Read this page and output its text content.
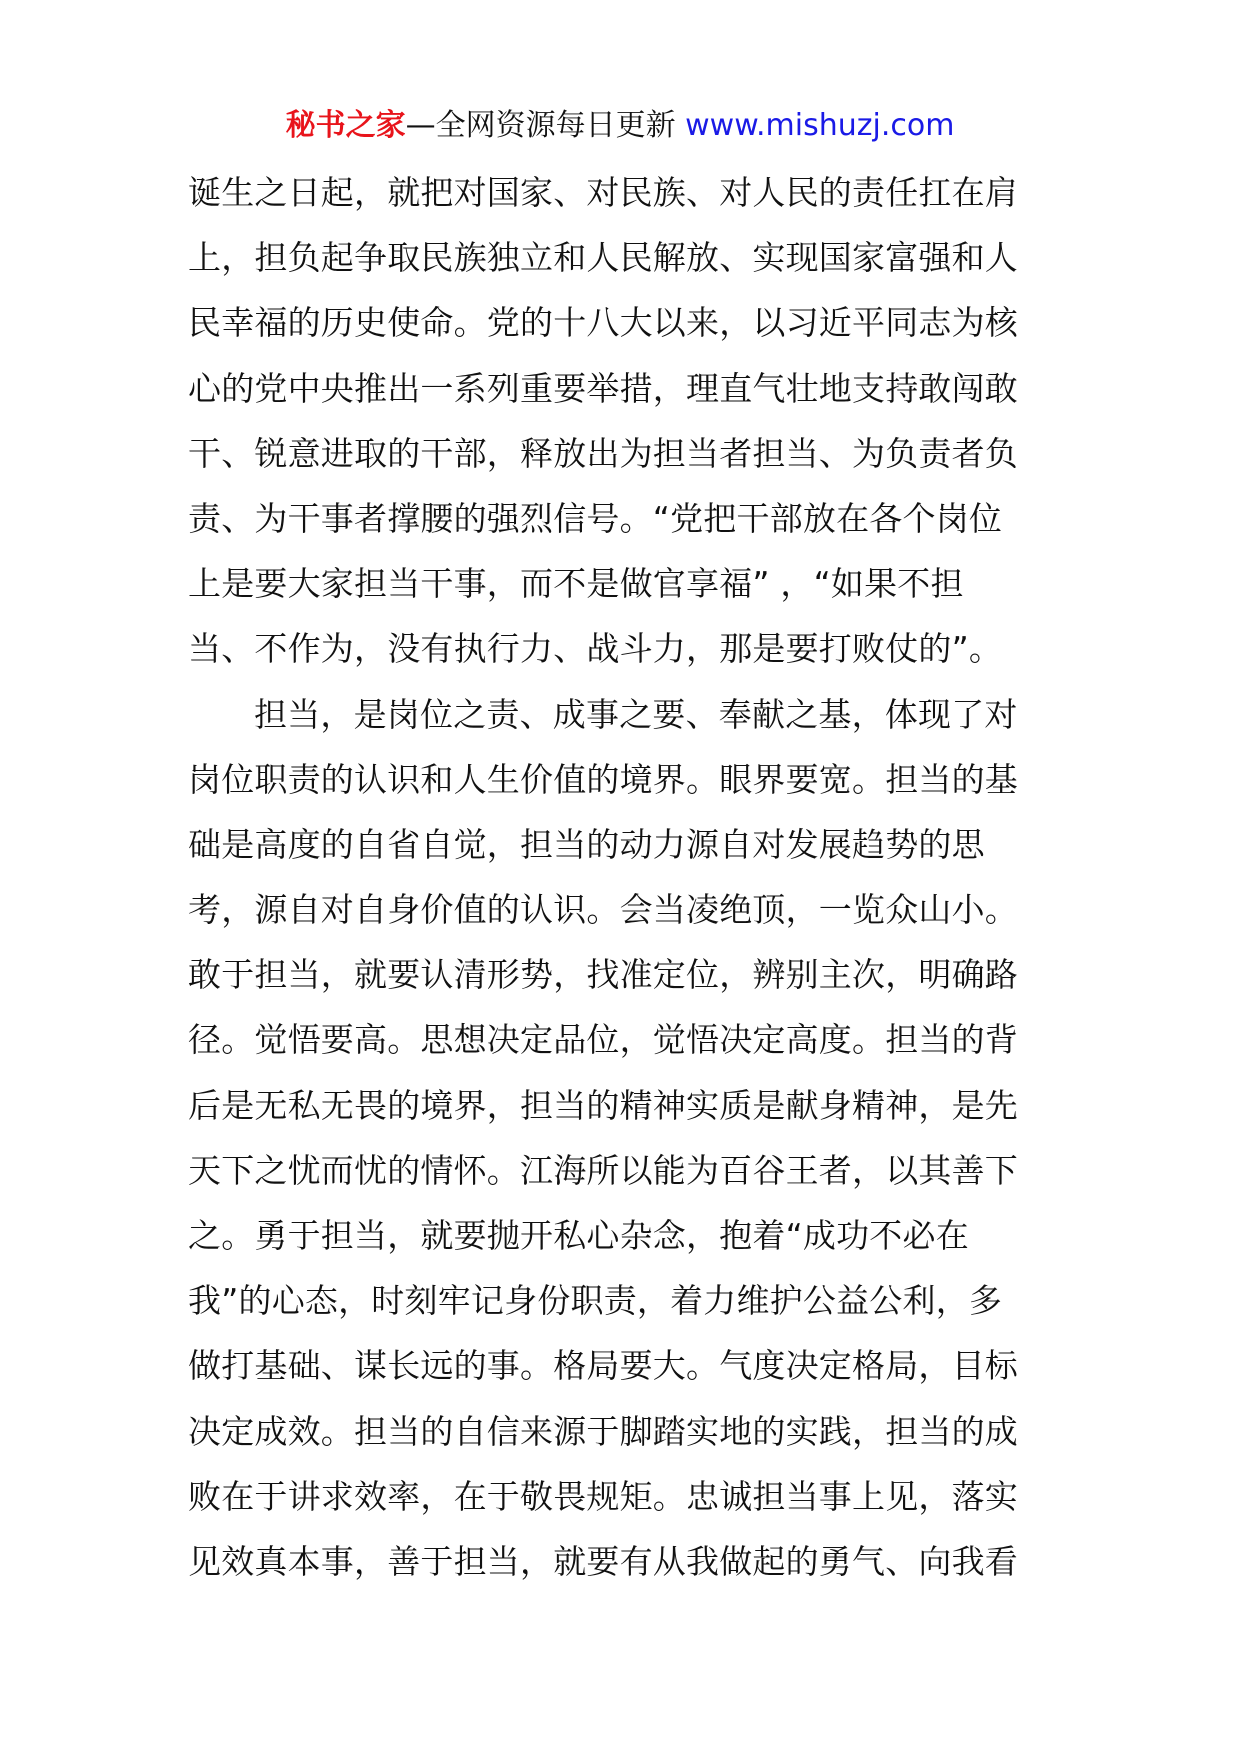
秘书之家—全网资源每日更新 www.mishuzj.com
诞生之日起，就把对国家、对民族、对人民的责任扛在肩
上，担负起争取民族独立和人民解放、实现国家富强和人
民幸福的历史使命。党的十八大以来，以习近平同志为核
心的党中央推出一系列重要举措，理直气壮地支持敢闯敢
干、锐意进取的干部，释放出为担当者担当、为负责者负
责、为干事者撑腰的强烈信号。“党把干部放在各个岗位
上是要大家担当干事，而不是做官享福” ，“如果不担
当、不作为，没有执行力、战斗力，那是要打败仗的”。
担当，是岗位之责、成事之要、奉献之基，体现了对
岗位职责的认识和人生价值的境界。眼界要宽。担当的基
础是高度的自省自觉，担当的动力源自对发展趋势的思
考，源自对自身价值的认识。会当凌绝顶，一览众山小。
敢于担当，就要认清形势，找准定位，辨别主次，明确路
径。觉悟要高。思想决定品位，觉悟决定高度。担当的背
后是无私无畏的境界，担当的精神实质是献身精神，是先
天下之忧而忧的情怀。江海所以能为百谷王者，以其善下
之。勇于担当，就要抛开私心杂念，抱着“成功不必在
我”的心态，时刻牢记身份职责，着力维护公益公利，多
做打基础、谋长远的事。格局要大。气度决定格局，目标
决定成效。担当的自信来源于脚踏实地的实践，担当的成
败在于讲求效率，在于敬畏规矩。忠诚担当事上见，落实
见效真本事，善于担当，就要有从我做起的勇气、向我看
